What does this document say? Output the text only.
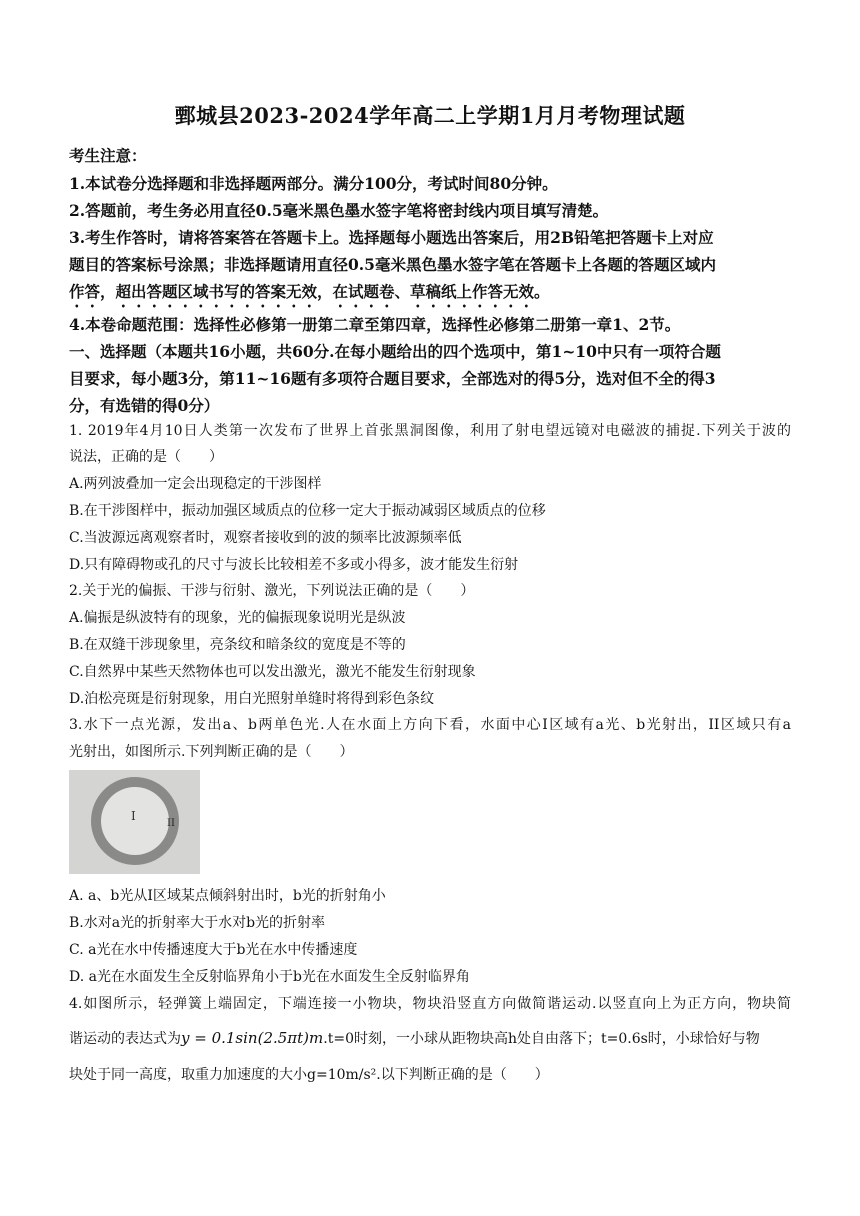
鄄城县2023-2024学年高二上学期1月月考物理试题
考生注意：
1.本试卷分选择题和非选择题两部分。满分100分，考试时间80分钟。
2.答题前，考生务必用直径0.5毫米黑色墨水签字笔将密封线内项目填写清楚。
3.考生作答时，请将答案答在答题卡上。选择题每小题选出答案后，用2B铅笔把答题卡上对应
题目的答案标号涂黑；非选择题请用直径0.5毫米黑色墨水签字笔在答题卡上各题的答题区域内
作答，超出答题区域书写的答案无效，在试题卷、草稿纸上作答无效。
4.本卷命题范围：选择性必修第一册第二章至第四章，选择性必修第二册第一章1、2节。
一、选择题（本题共16小题，共60分.在每小题给出的四个选项中，第1~10中只有一项符合题
目要求，每小题3分，第11~16题有多项符合题目要求，全部选对的得5分，选对但不全的得3
分，有选错的得0分）
1. 2019年4月10日人类第一次发布了世界上首张黑洞图像，利用了射电望远镜对电磁波的捕捉.下列关于波的
说法，正确的是（　　）
A.两列波叠加一定会出现稳定的干涉图样
B.在干涉图样中，振动加强区域质点的位移一定大于振动减弱区域质点的位移
C.当波源远离观察者时，观察者接收到的波的频率比波源频率低
D.只有障碍物或孔的尺寸与波长比较相差不多或小得多，波才能发生衍射
2.关于光的偏振、干涉与衍射、激光，下列说法正确的是（　　）
A.偏振是纵波特有的现象，光的偏振现象说明光是纵波
B.在双缝干涉现象里，亮条纹和暗条纹的宽度是不等的
C.自然界中某些天然物体也可以发出激光，激光不能发生衍射现象
D.泊松亮斑是衍射现象，用白光照射单缝时将得到彩色条纹
3.水下一点光源，发出a、b两单色光.人在水面上方向下看，水面中心I区域有a光、b光射出，II区域只有a
光射出，如图所示.下列判断正确的是（　　）
I
II
A. a、b光从I区域某点倾斜射出时，b光的折射角小
B.水对a光的折射率大于水对b光的折射率
C. a光在水中传播速度大于b光在水中传播速度
D. a光在水面发生全反射临界角小于b光在水面发生全反射临界角
4.如图所示，轻弹簧上端固定，下端连接一小物块，物块沿竖直方向做简谐运动.以竖直向上为正方向，物块简
谐运动的表达式为y = 0.1sin(2.5πt)m.t=0时刻，一小球从距物块高h处自由落下；t=0.6s时，小球恰好与物
块处于同一高度，取重力加速度的大小g=10m/s².以下判断正确的是（　　）
